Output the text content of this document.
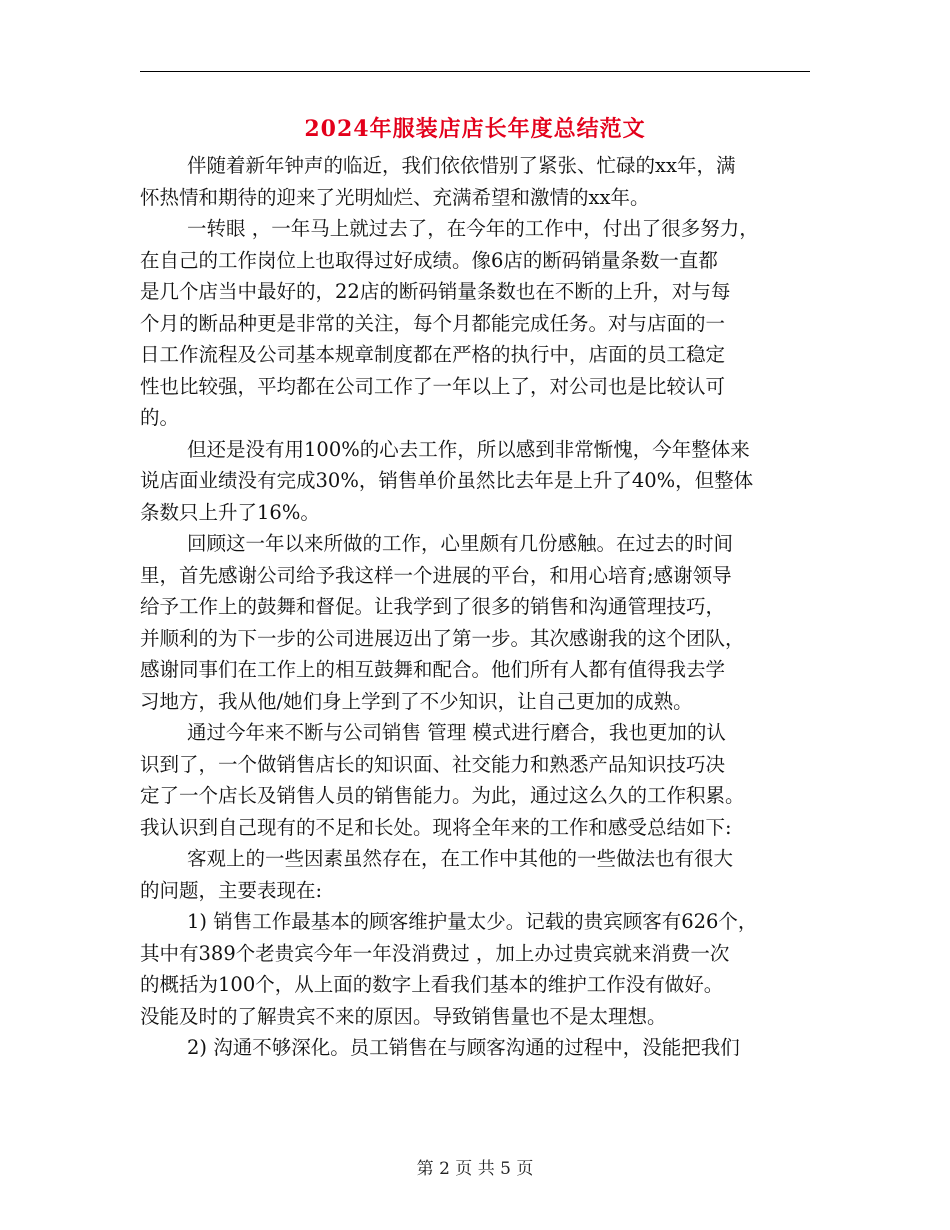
2024年服装店店长年度总结范文
伴随着新年钟声的临近，我们依依惜别了紧张、忙碌的xx年，满
怀热情和期待的迎来了光明灿烂、充满希望和激情的xx年。
一转眼 ，一年马上就过去了，在今年的工作中，付出了很多努力，
在自己的工作岗位上也取得过好成绩。像6店的断码销量条数一直都
是几个店当中最好的，22店的断码销量条数也在不断的上升，对与每
个月的断品种更是非常的关注，每个月都能完成任务。对与店面的一
日工作流程及公司基本规章制度都在严格的执行中，店面的员工稳定
性也比较强，平均都在公司工作了一年以上了，对公司也是比较认可
的。
但还是没有用100%的心去工作，所以感到非常惭愧，今年整体来
说店面业绩没有完成30%，销售单价虽然比去年是上升了40%，但整体
条数只上升了16%。
回顾这一年以来所做的工作，心里颇有几份感触。在过去的时间
里，首先感谢公司给予我这样一个进展的平台，和用心培育;感谢领导
给予工作上的鼓舞和督促。让我学到了很多的销售和沟通管理技巧，
并顺利的为下一步的公司进展迈出了第一步。其次感谢我的这个团队，
感谢同事们在工作上的相互鼓舞和配合。他们所有人都有值得我去学
习地方，我从他/她们身上学到了不少知识，让自己更加的成熟。
通过今年来不断与公司销售 管理 模式进行磨合，我也更加的认
识到了，一个做销售店长的知识面、社交能力和熟悉产品知识技巧决
定了一个店长及销售人员的销售能力。为此，通过这么久的工作积累。
我认识到自己现有的不足和长处。现将全年来的工作和感受总结如下:
客观上的一些因素虽然存在，在工作中其他的一些做法也有很大
的问题，主要表现在:
1) 销售工作最基本的顾客维护量太少。记载的贵宾顾客有626个，
其中有389个老贵宾今年一年没消费过 ，加上办过贵宾就来消费一次
的概括为100个，从上面的数字上看我们基本的维护工作没有做好。
没能及时的了解贵宾不来的原因。导致销售量也不是太理想。
2) 沟通不够深化。员工销售在与顾客沟通的过程中，没能把我们
第 2 页 共 5 页
